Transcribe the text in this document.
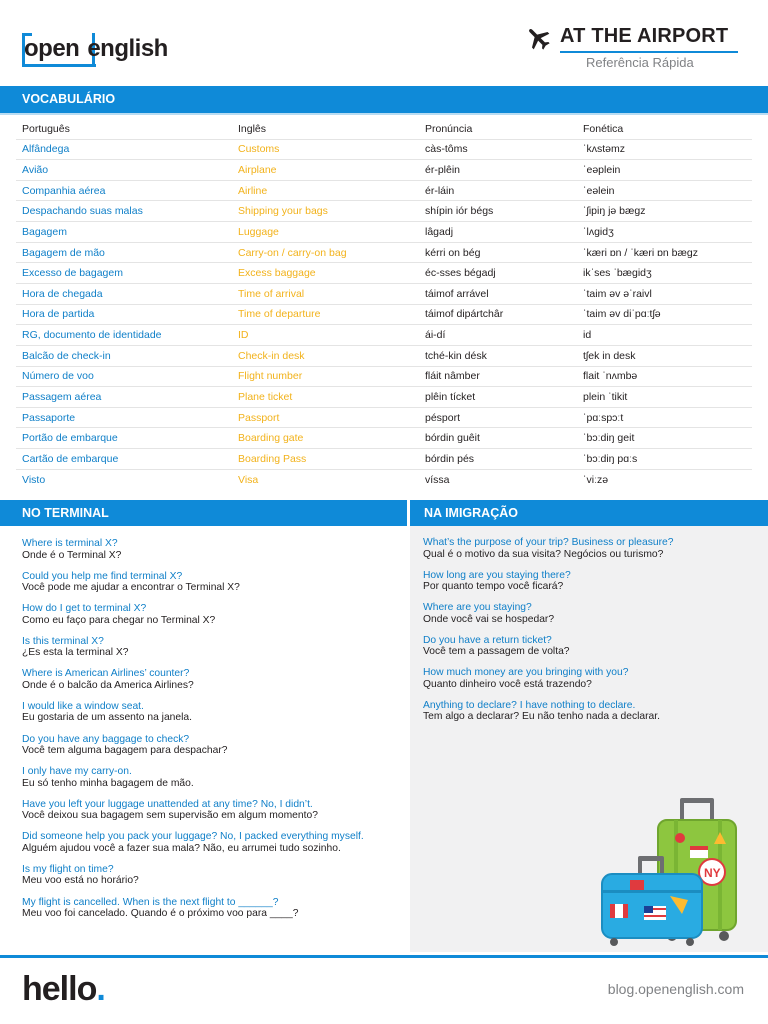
open english	AT THE AIRPORT
Referência Rápida
VOCABULÁRIO
Português	Inglês	Pronúncia	Fonética
Alfândega	Customs	càs-tôms	ˈkʌstəmz
Avião	Airplane	ér-plêin	ˈeəplein
Companhia aérea	Airline	ér-láin	ˈeəlein
Despachando suas malas	Shipping your bags	shípin iór bégs	ˈʃipiŋ jə bæɡz
Bagagem	Luggage	lâgadj	ˈlʌɡidʒ
Bagagem de mão	Carry-on / carry-on bag	kérri on bég	ˈkæri ɒn / ˈkæri ɒn bæɡz
Excesso de bagagem	Excess baggage	éc-sses bégadj	ikˈses ˈbæɡidʒ
Hora de chegada	Time of arrival	táimof arrável	ˈtaim əv əˈraivl
Hora de partida	Time of departure	táimof dipártchâr	ˈtaim əv diˈpɑːtʃə
RG, documento de identidade	ID	ái-dí	id
Balcão de check-in	Check-in desk	tché-kin désk	tʃek in desk
Número de voo	Flight number	fláit nâmber	flait ˈnʌmbə
Passagem aérea	Plane ticket	plêin tícket	plein ˈtikit
Passaporte	Passport	pésport	ˈpɑːspɔːt
Portão de embarque	Boarding gate	bórdin guêit	ˈbɔːdiŋ ɡeit
Cartão de embarque	Boarding Pass	bórdin pés	ˈbɔːdiŋ pɑːs
Visto	Visa	víssa	ˈviːzə
NO TERMINAL
Where is terminal X?
Onde é o Terminal X?
Could you help me find terminal X?
Você pode me ajudar a encontrar o Terminal X?
How do I get to terminal X?
Como eu faço para chegar no Terminal X?
Is this terminal X?
¿Es esta la terminal X?
Where is American Airlines’ counter?
Onde é o balcão da America Airlines?
I would like a window seat.
Eu gostaria de um assento na janela.
Do you have any baggage to check?
Você tem alguma bagagem para despachar?
I only have my carry-on.
Eu só tenho minha bagagem de mão.
Have you left your luggage unattended at any time? No, I didn’t.
Você deixou sua bagagem sem supervisão em algum momento?
Did someone help you pack your luggage? No, I packed everything myself.
Alguém ajudou você a fazer sua mala? Não, eu arrumei tudo sozinho.
Is my flight on time?
Meu voo está no horário?
My flight is cancelled. When is the next flight to ______?
Meu voo foi cancelado. Quando é o próximo voo para ____?
NA IMIGRAÇÃO
What’s the purpose of your trip? Business or pleasure?
Qual é o motivo da sua visita? Negócios ou turismo?
How long are you staying there?
Por quanto tempo você ficará?
Where are you staying?
Onde você vai se hospedar?
Do you have a return ticket?
Você tem a passagem de volta?
How much money are you bringing with you?
Quanto dinheiro você está trazendo?
Anything to declare? I have nothing to declare.
Tem algo a declarar? Eu não tenho nada a declarar.
NY
hello.	blog.openenglish.com
